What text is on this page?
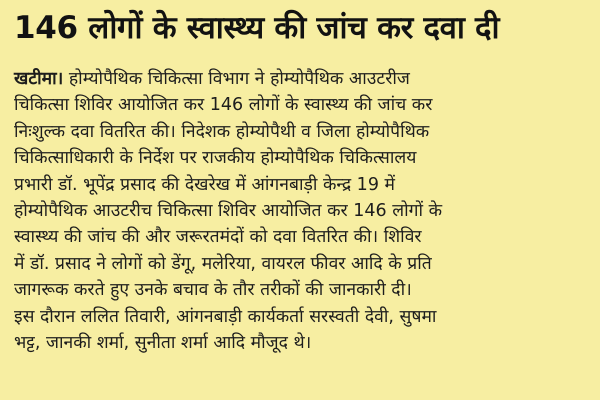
146 लोगों के स्वास्थ्य की जांच कर दवा दी
खटीमा। होम्योपैथिक चिकित्सा विभाग ने होम्योपैथिक आउटरीज
चिकित्सा शिविर आयोजित कर 146 लोगों के स्वास्थ्य की जांच कर
निःशुल्क दवा वितरित की। निदेशक होम्योपैथी व जिला होम्योपैथिक
चिकित्साधिकारी के निर्देश पर राजकीय होम्योपैथिक चिकित्सालय
प्रभारी डॉ. भूपेंद्र प्रसाद की देखरेख में आंगनबाड़ी केन्द्र 19 में
होम्योपैथिक आउटरीच चिकित्सा शिविर आयोजित कर 146 लोगों के
स्वास्थ्य की जांच की और जरूरतमंदों को दवा वितरित की। शिविर
में डॉ. प्रसाद ने लोगों को डेंगू, मलेरिया, वायरल फीवर आदि के प्रति
जागरूक करते हुए उनके बचाव के तौर तरीकों की जानकारी दी।
इस दौरान ललित तिवारी, आंगनबाड़ी कार्यकर्ता सरस्वती देवी, सुषमा
भट्ट, जानकी शर्मा, सुनीता शर्मा आदि मौजूद थे।
